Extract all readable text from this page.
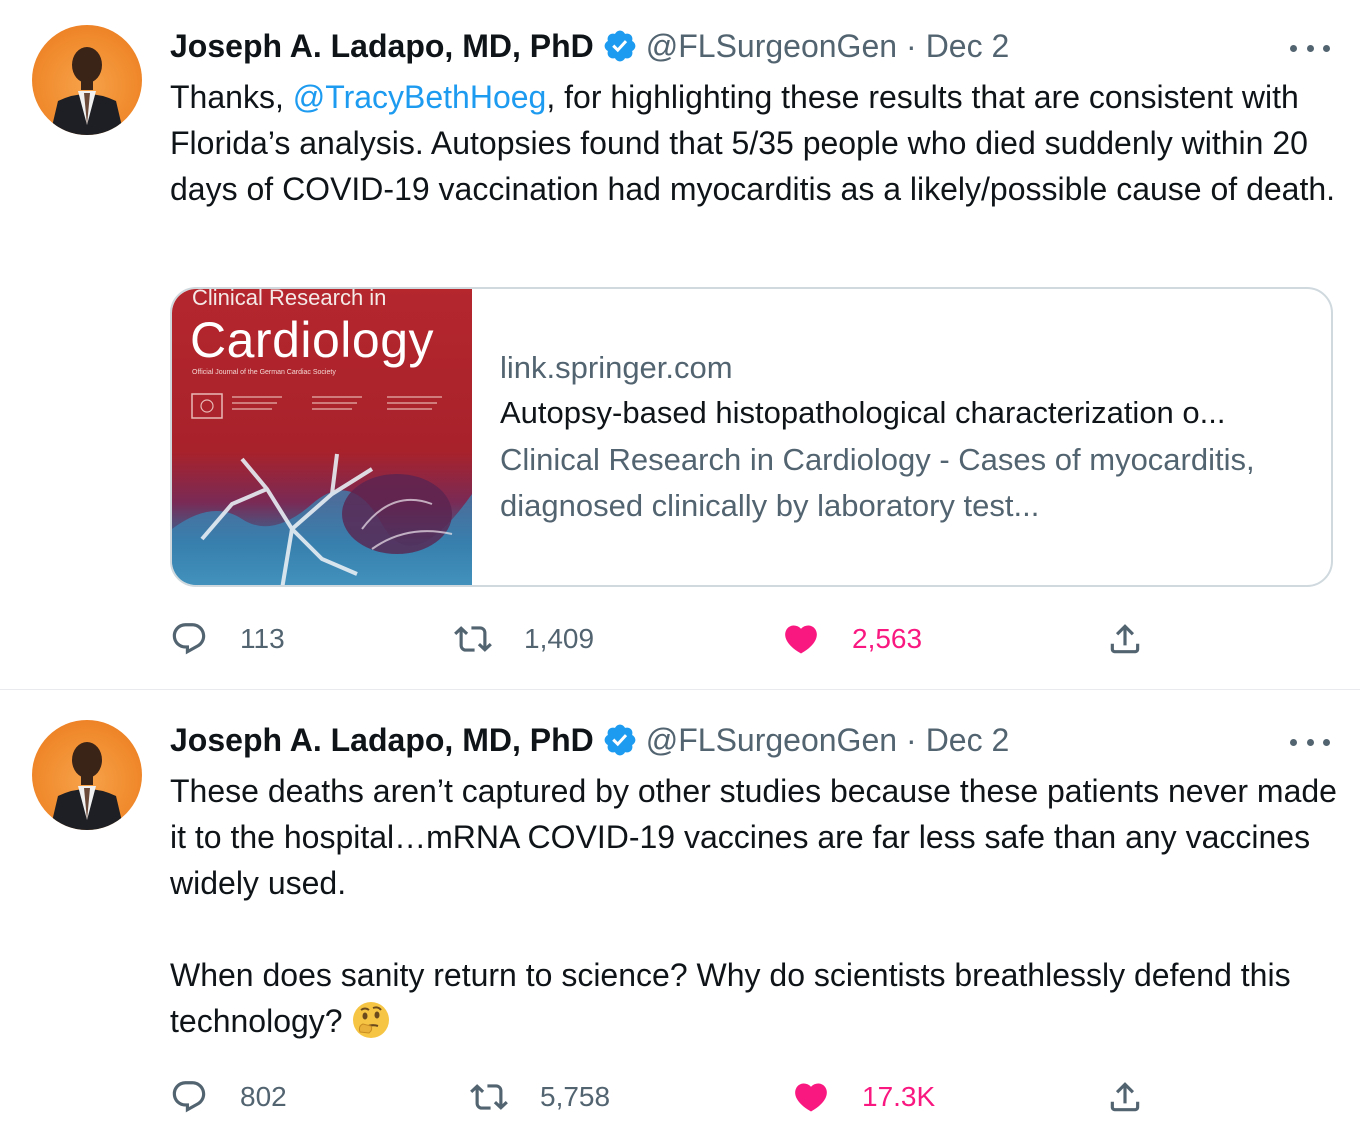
Joseph A. Ladapo, MD, PhD @FLSurgeonGen · Dec 2
Thanks, @TracyBethHoeg, for highlighting these results that are consistent with Florida’s analysis. Autopsies found that 5/35 people who died suddenly within 20 days of COVID-19 vaccination had myocarditis as a likely/possible cause of death.
Clinical Research in
Cardiology
Official Journal of the German Cardiac Society	link.springer.com
Autopsy-based histopathological characterization o...
Clinical Research in Cardiology - Cases of myocarditis, diagnosed clinically by laboratory test...
113	1,409	2,563
Joseph A. Ladapo, MD, PhD @FLSurgeonGen · Dec 2
These deaths aren’t captured by other studies because these patients never made it to the hospital…mRNA COVID-19 vaccines are far less safe than any vaccines widely used.
When does sanity return to science? Why do scientists breathlessly defend this technology?
802	5,758	17.3K
